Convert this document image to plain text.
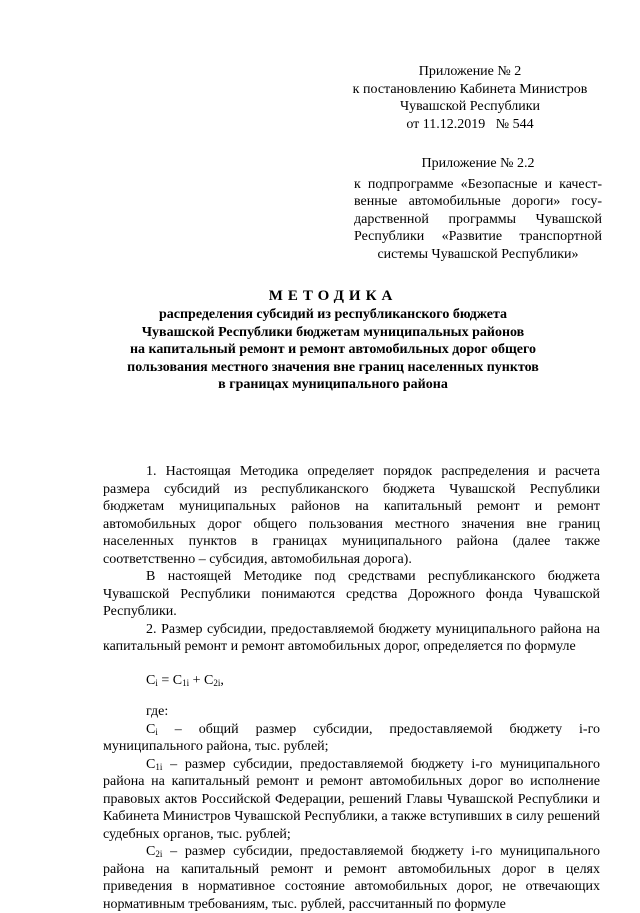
Приложение № 2
к постановлению Кабинета Министров
Чувашской Республики
от 11.12.2019   № 544
Приложение № 2.2
к подпрограмме «Безопасные и качест-
венные автомобильные дороги» госу-
дарственной программы Чувашской
Республики «Развитие транспортной
системы Чувашской Республики»
МЕТОДИКА
распределения субсидий из республиканского бюджета
Чувашской Республики бюджетам муниципальных районов
на капитальный ремонт и ремонт автомобильных дорог общего
пользования местного значения вне границ населенных пунктов
в границах муниципального района

1. Настоящая Методика определяет порядок распределения и расчета размера субсидий из республиканского бюджета Чувашской Республики бюджетам муниципальных районов на капитальный ремонт и ремонт автомобильных дорог общего пользования местного значения вне границ населенных пунктов в границах муниципального района (далее также соответственно – субсидия, автомобильная дорога).

В настоящей Методике под средствами республиканского бюджета Чувашской Республики понимаются средства Дорожного фонда Чувашской Республики.

2. Размер субсидии, предоставляемой бюджету муниципального района на капитальный ремонт и ремонт автомобильных дорог, определяется по формуле

$C_i = C_{1i} + C_{2i}$,
где:

$C_i$ – общий размер субсидии, предоставляемой бюджету i-го муниципального района, тыс. рублей;

$C_{1i}$ – размер субсидии, предоставляемой бюджету i-го муниципального района на капитальный ремонт и ремонт автомобильных дорог во исполнение правовых актов Российской Федерации, решений Главы Чувашской Республики и Кабинета Министров Чувашской Республики, а также вступивших в силу решений судебных органов, тыс. рублей;

$C_{2i}$ – размер субсидии, предоставляемой бюджету i-го муниципального района на капитальный ремонт и ремонт автомобильных дорог в целях приведения в нормативное состояние автомобильных дорог, не отвечающих нормативным требованиям, тыс. рублей, рассчитанный по формуле
